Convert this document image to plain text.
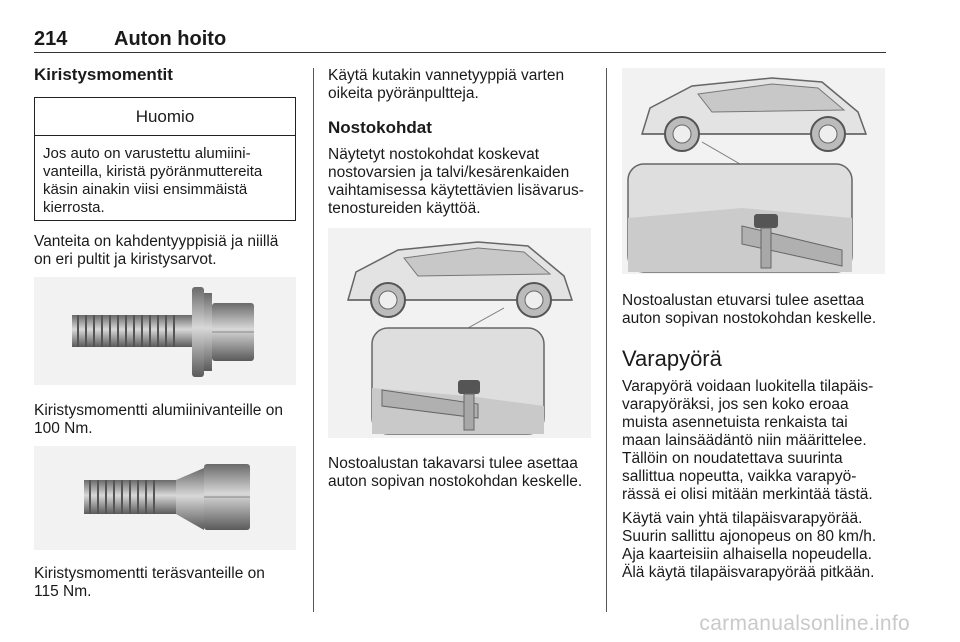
214 Auton hoito
Kiristysmomentit
Huomio
Jos auto on varustettu alumiini-
vanteilla, kiristä pyöränmuttereita
käsin ainakin viisi ensimmäistä
kierrosta.
Vanteita on kahdentyyppisiä ja niillä
on eri pultit ja kiristysarvot.
Kiristysmomentti alumiinivanteille on
100 Nm.
Kiristysmomentti teräsvanteille on
115 Nm.
Käytä kutakin vannetyyppiä varten
oikeita pyöränpultteja.
Nostokohdat
Näytetyt nostokohdat koskevat
nostovarsien ja talvi/kesärenkaiden
vaihtamisessa käytettävien lisävarus-
tenostureiden käyttöä.
Nostoalustan takavarsi tulee asettaa
auton sopivan nostokohdan keskelle.
Nostoalustan etuvarsi tulee asettaa
auton sopivan nostokohdan keskelle.
Varapyörä
Varapyörä voidaan luokitella tilapäis-
varapyöräksi, jos sen koko eroaa
muista asennetuista renkaista tai
maan lainsäädäntö niin määrittelee.
Tällöin on noudatettava suurinta
sallittua nopeutta, vaikka varapyö-
rässä ei olisi mitään merkintää tästä.
Käytä vain yhtä tilapäisvarapyörää.
Suurin sallittu ajonopeus on 80 km/h.
Aja kaarteisiin alhaisella nopeudella.
Älä käytä tilapäisvarapyörää pitkään.
carmanualsonline.info
